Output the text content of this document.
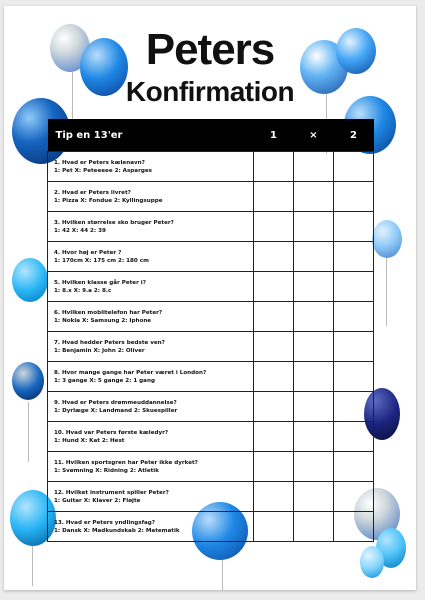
Peters
Konfirmation
Tip en 13'er	1	×	2

1. Hvad er Peters kælenavn?
1: Pet X: Peteeeee 2: Asparges			

2. Hvad er Peters livret?
1: Pizza X: Fondue 2: Kyllingsuppe			

3. Hvilken størrelse sko bruger Peter?
1: 42 X: 44 2: 39			

4. Hvor høj er Peter ?
1: 170cm X: 175 cm 2: 180 cm			

5. Hvilken klasse går Peter i?
1: 8.x X: 9.a 2: 8.c			

6. Hvilken mobiltelefon har Peter?
1: Nokia X: Samsung 2: Iphone			

7. Hvad hedder Peters bedste ven?
1: Benjamin X: John 2: Oliver			

8. Hvor mange gange har Peter været i London?
1: 3 gange X: 5 gange 2: 1 gang			

9. Hvad er Peters drømmeuddannelse?
1: Dyrlæge X: Landmand 2: Skuespiller			

10. Hvad var Peters første kæledyr?
1: Hund X: Kat 2: Hest			

11. Hvilken sportsgren har Peter ikke dyrket?
1: Svømning X: Ridning 2: Atletik			

12. Hvilket instrument spiller Peter?
1: Guitar X: Klaver 2: Fløjte			

13. Hvad er Peters yndlingsfag?
1: Dansk X: Madkundskab 2: Matematik			
